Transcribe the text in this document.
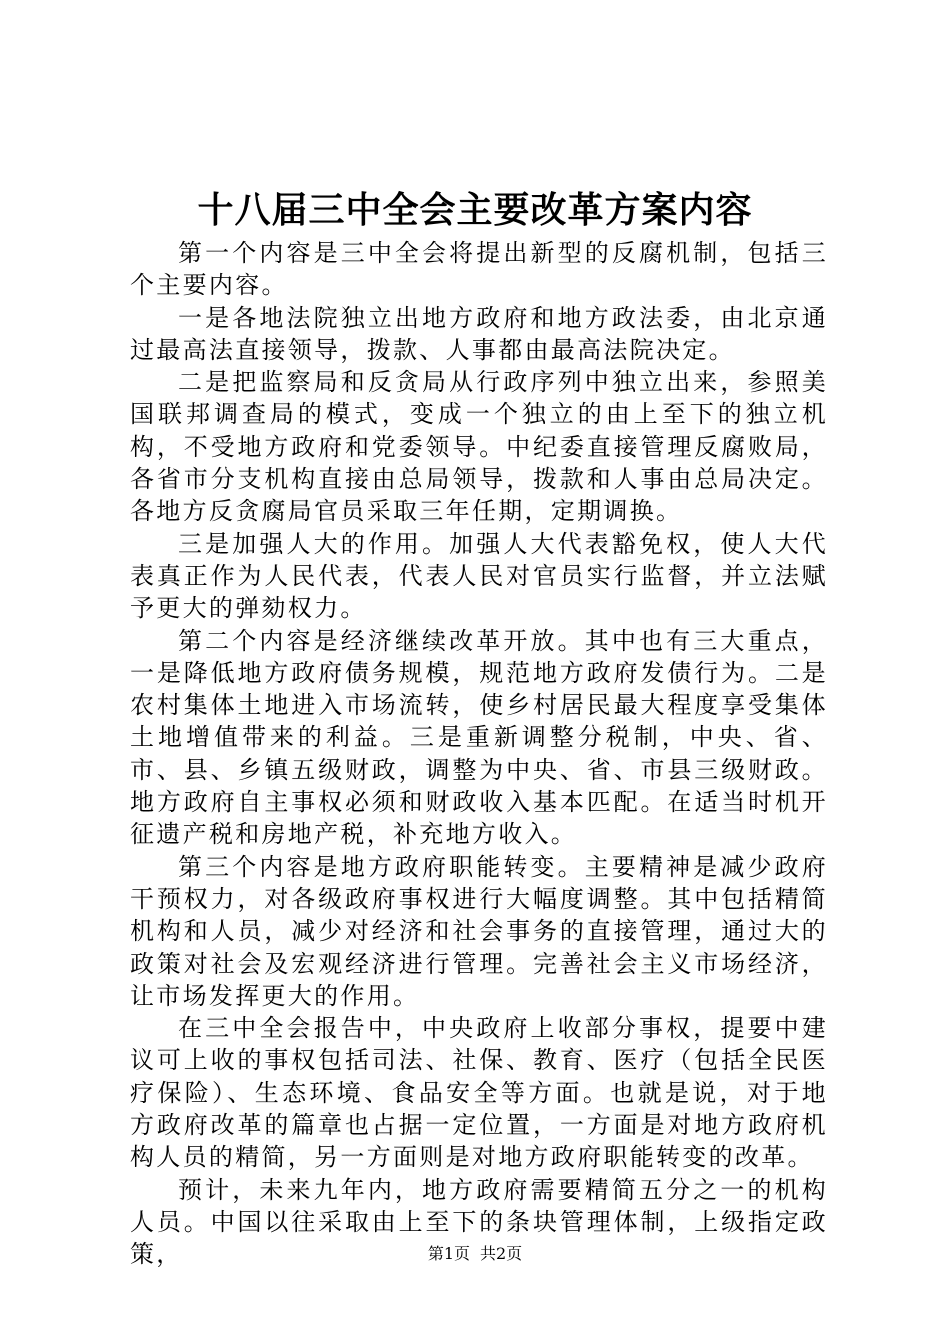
十八届三中全会主要改革方案内容

第一个内容是三中全会将提出新型的反腐机制，包括三个主要内容。

一是各地法院独立出地方政府和地方政法委，由北京通过最高法直接领导，拨款、人事都由最高法院决定。

二是把监察局和反贪局从行政序列中独立出来，参照美国联邦调查局的模式，变成一个独立的由上至下的独立机构，不受地方政府和党委领导。中纪委直接管理反腐败局，各省市分支机构直接由总局领导，拨款和人事由总局决定。各地方反贪腐局官员采取三年任期，定期调换。

三是加强人大的作用。加强人大代表豁免权，使人大代表真正作为人民代表，代表人民对官员实行监督，并立法赋予更大的弹劾权力。

第二个内容是经济继续改革开放。其中也有三大重点，一是降低地方政府债务规模，规范地方政府发债行为。二是农村集体土地进入市场流转，使乡村居民最大程度享受集体土地增值带来的利益。三是重新调整分税制，中央、省、市、县、乡镇五级财政，调整为中央、省、市县三级财政。地方政府自主事权必须和财政收入基本匹配。在适当时机开征遗产税和房地产税，补充地方收入。

第三个内容是地方政府职能转变。主要精神是减少政府干预权力，对各级政府事权进行大幅度调整。其中包括精简机构和人员，减少对经济和社会事务的直接管理，通过大的政策对社会及宏观经济进行管理。完善社会主义市场经济，让市场发挥更大的作用。

在三中全会报告中，中央政府上收部分事权，提要中建议可上收的事权包括司法、社保、教育、医疗（包括全民医疗保险）、生态环境、食品安全等方面。也就是说，对于地方政府改革的篇章也占据一定位置，一方面是对地方政府机构人员的精简，另一方面则是对地方政府职能转变的改革。

预计，未来九年内，地方政府需要精简五分之一的机构人员。中国以往采取由上至下的条块管理体制，上级指定政策，	第1页 共2页
